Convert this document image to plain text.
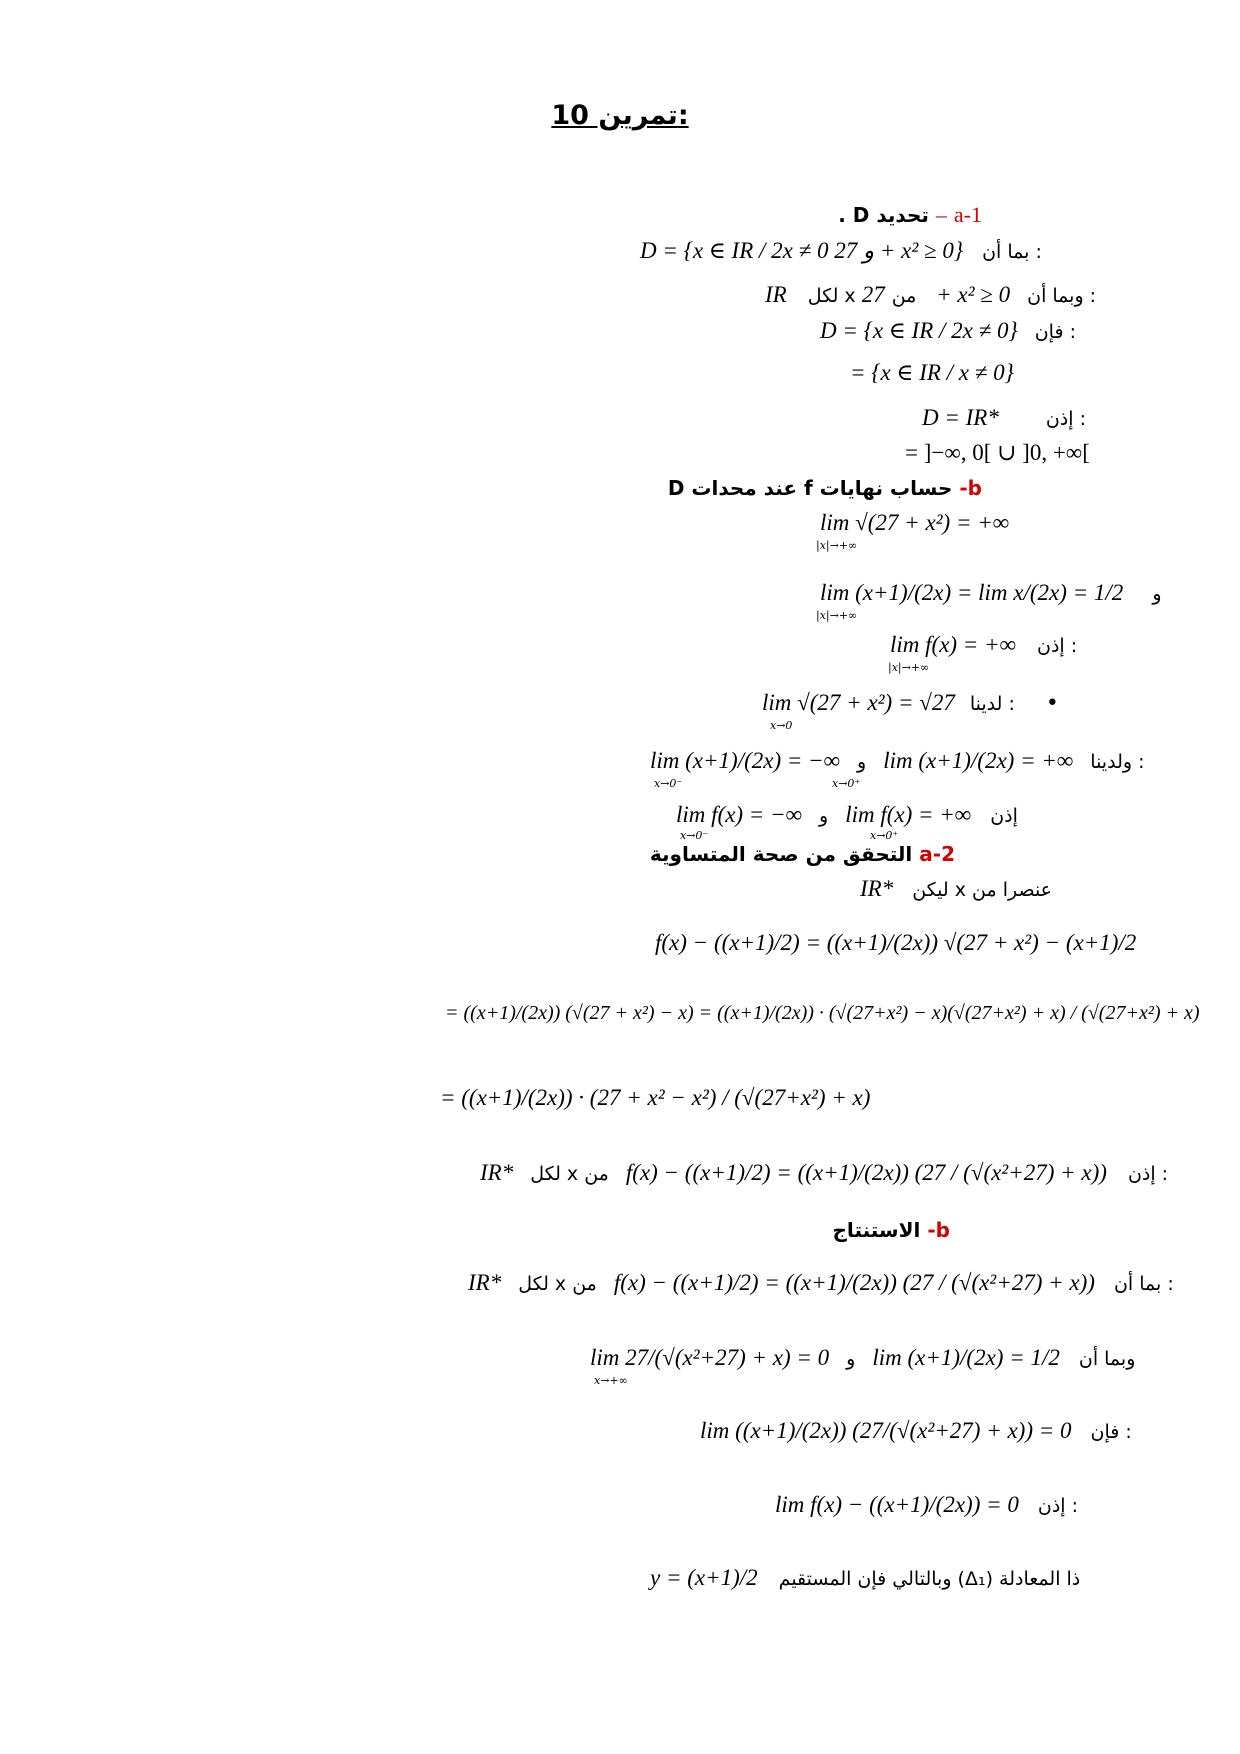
تمرين 10:
a-1 – تحديد D .
D = {x ∈ IR / 2x ≠ 0 و 27 + x² ≥ 0} بما أن :
IR لكل x من 27 + x² ≥ 0 وبما أن :
D = {x ∈ IR / 2x ≠ 0} فإن :
= {x ∈ IR / x ≠ 0}
D = IR* إذن :
= ]−∞, 0[ ∪ ]0, +∞[
b- حساب نهايات f عند محدات D
lim √(27 + x²) = +∞
|x|→+∞
lim (x+1)/(2x) = lim x/(2x) = 1/2 و
|x|→+∞
lim f(x) = +∞ إذن :
|x|→+∞
lim √(27 + x²) = √27 لدينا : •
x→0
lim (x+1)/(2x) = −∞ و lim (x+1)/(2x) = +∞ ولدينا :
x→0⁻	x→0⁺
lim f(x) = −∞ و lim f(x) = +∞ إذن
x→0⁻	x→0⁺
a-2 التحقق من صحة المتساوية
IR* ليكن x عنصرا من
f(x) − ((x+1)/2) = ((x+1)/(2x)) √(27 + x²) − (x+1)/2
= ((x+1)/(2x)) (√(27 + x²) − x) = ((x+1)/(2x)) · (√(27+x²) − x)(√(27+x²) + x) / (√(27+x²) + x)
= ((x+1)/(2x)) · (27 + x² − x²) / (√(27+x²) + x)
IR* لكل x من f(x) − ((x+1)/2) = ((x+1)/(2x)) (27 / (√(x²+27) + x)) إذن :
b- الاستنتاج
IR* لكل x من f(x) − ((x+1)/2) = ((x+1)/(2x)) (27 / (√(x²+27) + x)) بما أن :
lim 27/(√(x²+27) + x) = 0 و lim (x+1)/(2x) = 1/2 وبما أن
x→+∞
lim ((x+1)/(2x)) (27/(√(x²+27) + x)) = 0 فإن :
lim f(x) − ((x+1)/(2x)) = 0 إذن :
y = (x+1)/2 وبالتالي فإن المستقيم (Δ₁) ذا المعادلة
